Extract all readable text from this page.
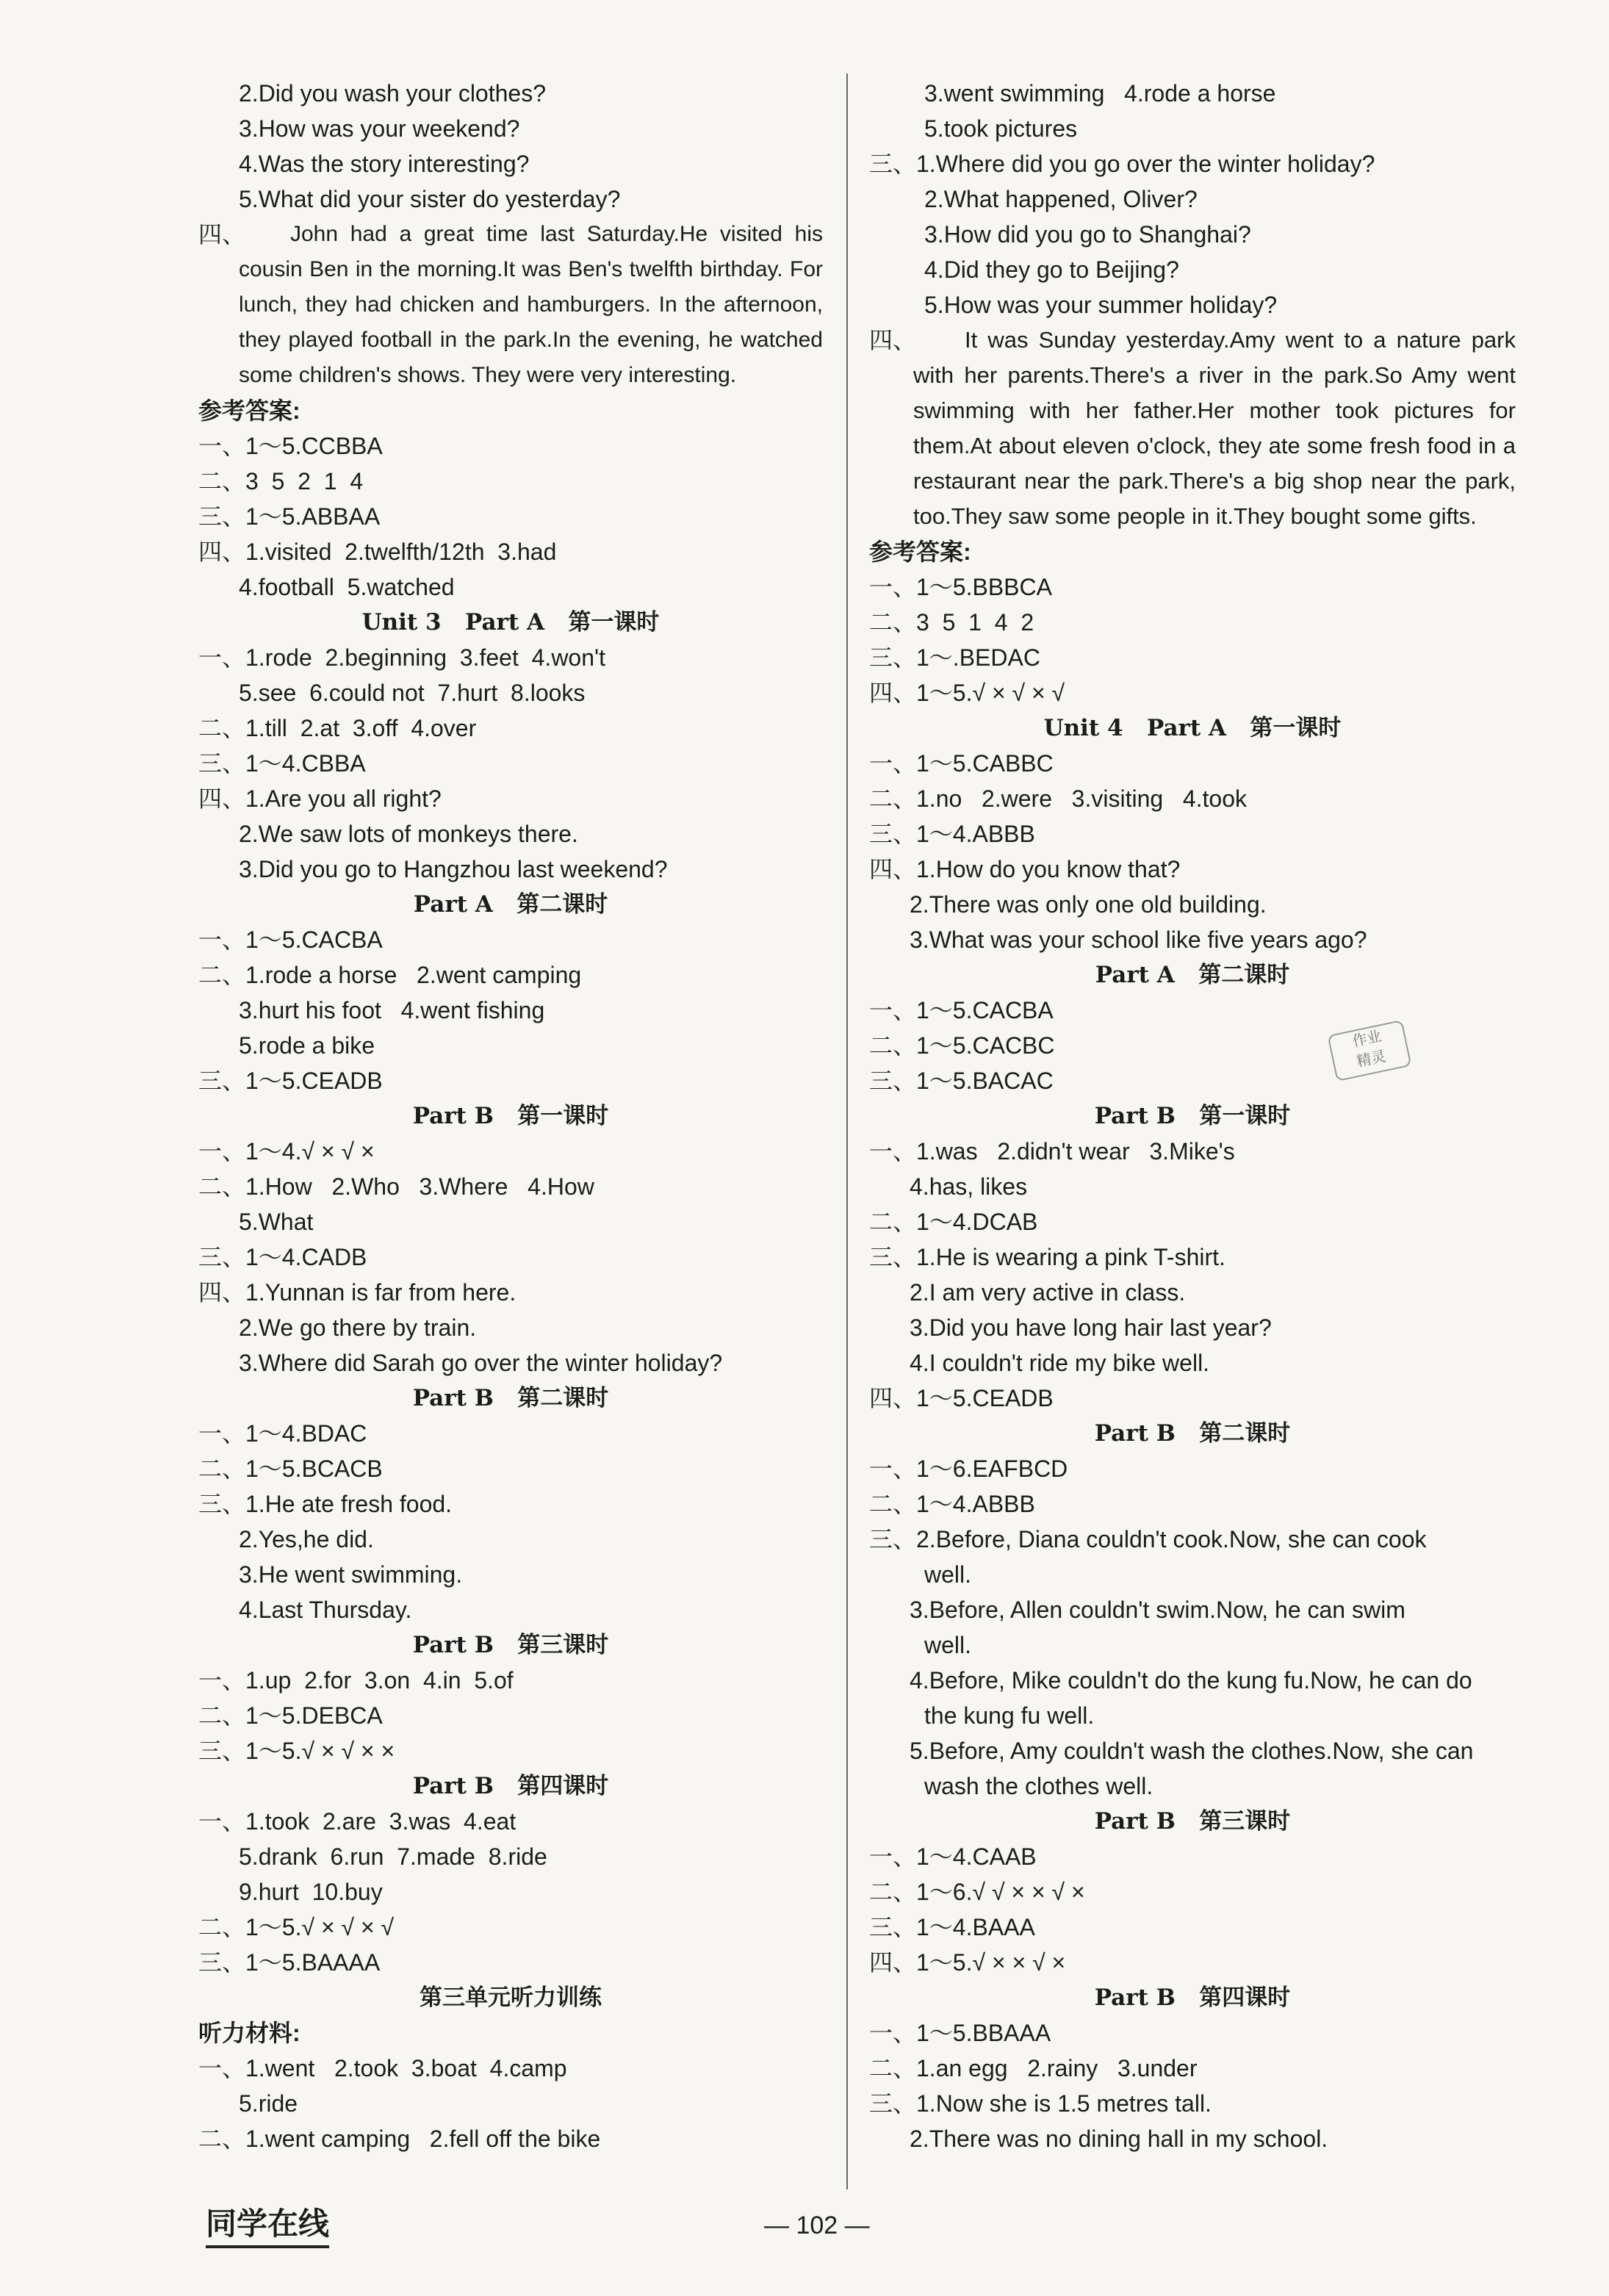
2.Did you wash your clothes?
3.How was your weekend?
4.Was the story interesting?
5.What did your sister do yesterday?
四、	John had a great time last Saturday.He visited his cousin Ben in the morning.It was Ben's twelfth birthday. For lunch, they had chicken and hamburgers. In the afternoon, they played football in the park.In the evening, he watched some children's shows. They were very interesting.
参考答案:
一、1～5.CCBBA
二、3  5  2  1  4
三、1～5.ABBAA
四、1.visited  2.twelfth/12th  3.had
4.football  5.watched
Unit 3   Part A   第一课时
一、1.rode  2.beginning  3.feet  4.won't
5.see  6.could not  7.hurt  8.looks
二、1.till  2.at  3.off  4.over
三、1～4.CBBA
四、1.Are you all right?
2.We saw lots of monkeys there.
3.Did you go to Hangzhou last weekend?
Part A   第二课时
一、1～5.CACBA
二、1.rode a horse   2.went camping
3.hurt his foot   4.went fishing
5.rode a bike
三、1～5.CEADB
Part B   第一课时
一、1～4.√ × √ ×
二、1.How   2.Who   3.Where   4.How
5.What
三、1～4.CADB
四、1.Yunnan is far from here.
2.We go there by train.
3.Where did Sarah go over the winter holiday?
Part B   第二课时
一、1～4.BDAC
二、1～5.BCACB
三、1.He ate fresh food.
2.Yes,he did.
3.He went swimming.
4.Last Thursday.
Part B   第三课时
一、1.up  2.for  3.on  4.in  5.of
二、1～5.DEBCA
三、1～5.√ × √ × ×
Part B   第四课时
一、1.took  2.are  3.was  4.eat
5.drank  6.run  7.made  8.ride
9.hurt  10.buy
二、1～5.√ × √ × √
三、1～5.BAAAA
第三单元听力训练
听力材料:
一、1.went   2.took  3.boat  4.camp
5.ride
二、1.went camping   2.fell off the bike
3.went swimming   4.rode a horse
5.took pictures
三、1.Where did you go over the winter holiday?
2.What happened, Oliver?
3.How did you go to Shanghai?
4.Did they go to Beijing?
5.How was your summer holiday?
四、	It was Sunday yesterday.Amy went to a nature park with her parents.There's a river in the park.So Amy went swimming with her father.Her mother took pictures for them.At about eleven o'clock, they ate some fresh food in a restaurant near the park.There's a big shop near the park, too.They saw some people in it.They bought some gifts.
参考答案:
一、1～5.BBBCA
二、3  5  1  4  2
三、1～.BEDAC
四、1～5.√ × √ × √
Unit 4   Part A   第一课时
一、1～5.CABBC
二、1.no   2.were   3.visiting   4.took
三、1～4.ABBB
四、1.How do you know that?
2.There was only one old building.
3.What was your school like five years ago?
Part A   第二课时
一、1～5.CACBA
二、1～5.CACBC
三、1～5.BACAC
Part B   第一课时
一、1.was   2.didn't wear   3.Mike's
4.has, likes
二、1～4.DCAB
三、1.He is wearing a pink T-shirt.
2.I am very active in class.
3.Did you have long hair last year?
4.I couldn't ride my bike well.
四、1～5.CEADB
Part B   第二课时
一、1～6.EAFBCD
二、1～4.ABBB
三、2.Before, Diana couldn't cook.Now, she can cook
well.
3.Before, Allen couldn't swim.Now, he can swim
well.
4.Before, Mike couldn't do the kung fu.Now, he can do
the kung fu well.
5.Before, Amy couldn't wash the clothes.Now, she can
wash the clothes well.
Part B   第三课时
一、1～4.CAAB
二、1～6.√ √ × × √ ×
三、1～4.BAAA
四、1～5.√ × × √ ×
Part B   第四课时
一、1～5.BBAAA
二、1.an egg   2.rainy   3.under
三、1.Now she is 1.5 metres tall.
2.There was no dining hall in my school.
作业
精灵
同学在线	— 102 —
